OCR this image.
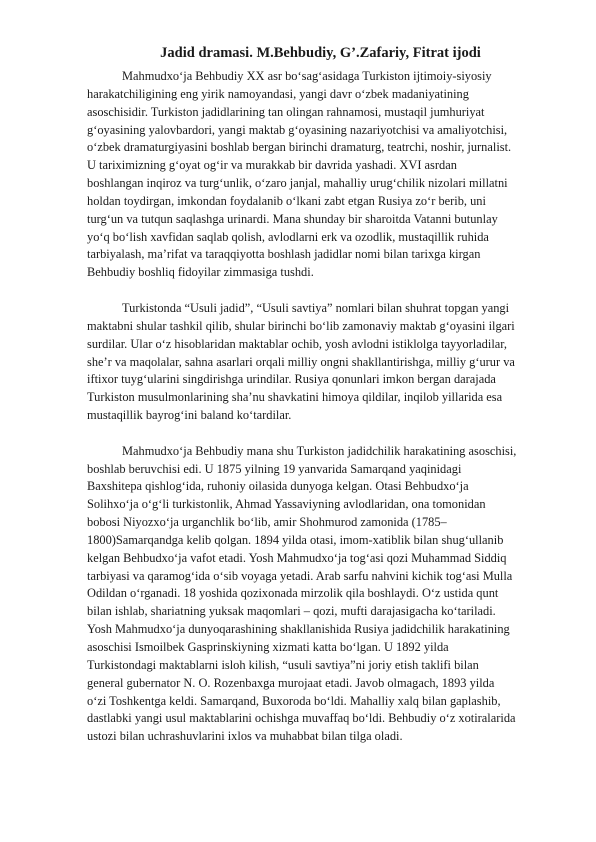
Jadid dramasi. M.Behbudiy, G’.Zafariy, Fitrat ijodi

Mahmudxoʻja Behbudiy XX asr boʻsagʻasidaga Turkiston ijtimoiy-siyosiy
harakatchiligining eng yirik namoyandasi, yangi davr oʻzbek madaniyatining
asoschisidir. Turkiston jadidlarining tan olingan rahnamosi, mustaqil jumhuriyat
gʻoyasining yalovbardori, yangi maktab gʻoyasining nazariyotchisi va amaliyotchisi,
oʻzbek dramaturgiyasini boshlab bergan birinchi dramaturg, teatrchi, noshir, jurnalist.
U tariximizning gʻoyat ogʻir va murakkab bir davrida yashadi. XVI asrdan
boshlangan inqiroz va turgʻunlik, oʻzaro janjal, mahalliy urugʻchilik nizolari millatni
holdan toydirgan, imkondan foydalanib oʻlkani zabt etgan Rusiya zoʻr berib, uni
turgʻun va tutqun saqlashga urinardi. Mana shunday bir sharoitda Vatanni butunlay
yoʻq boʻlish xavfidan saqlab qolish, avlodlarni erk va ozodlik, mustaqillik ruhida
tarbiyalash, maʼrifat va taraqqiyotta boshlash jadidlar nomi bilan tarixga kirgan
Behbudiy boshliq fidoyilar zimmasiga tushdi.

Turkistonda “Usuli jadid”, “Usuli savtiya” nomlari bilan shuhrat topgan yangi
maktabni shular tashkil qilib, shular birinchi boʻlib zamonaviy maktab gʻoyasini ilgari
surdilar. Ular oʻz hisoblaridan maktablar ochib, yosh avlodni istiklolga tayyorladilar,
sheʼr va maqolalar, sahna asarlari orqali milliy ongni shakllantirishga, milliy gʻurur va
iftixor tuygʻularini singdirishga urindilar. Rusiya qonunlari imkon bergan darajada
Turkiston musulmonlarining shaʼnu shavkatini himoya qildilar, inqilob yillarida esa
mustaqillik bayrogʻini baland koʻtardilar.

Mahmudxoʻja Behbudiy mana shu Turkiston jadidchilik harakatining asoschisi,
boshlab beruvchisi edi. U 1875 yilning 19 yanvarida Samarqand yaqinidagi
Baxshitepa qishlogʻida, ruhoniy oilasida dunyoga kelgan. Otasi Behbudxoʻja
Solihxoʻja oʻgʻli turkistonlik, Ahmad Yassaviyning avlodlaridan, ona tomonidan
bobosi Niyozxoʻja urganchlik boʻlib, amir Shohmurod zamonida (1785–
1800)Samarqandga kelib qolgan. 1894 yilda otasi, imom-xatiblik bilan shugʻullanib
kelgan Behbudxoʻja vafot etadi. Yosh Mahmudxoʻja togʻasi qozi Muhammad Siddiq
tarbiyasi va qaramogʻida oʻsib voyaga yetadi. Arab sarfu nahvini kichik togʻasi Mulla
Odildan oʻrganadi. 18 yoshida qozixonada mirzolik qila boshlaydi. Oʻz ustida qunt
bilan ishlab, shariatning yuksak maqomlari – qozi, mufti darajasigacha koʻtariladi.
Yosh Mahmudxoʻja dunyoqarashining shakllanishida Rusiya jadidchilik harakatining
asoschisi Ismoilbek Gasprinskiyning xizmati katta boʻlgan. U 1892 yilda
Turkistondagi maktablarni isloh kilish, “usuli savtiya”ni joriy etish taklifi bilan
general gubernator N. O. Rozenbaxga murojaat etadi. Javob olmagach, 1893 yilda
oʻzi Toshkentga keldi. Samarqand, Buxoroda boʻldi. Mahalliy xalq bilan gaplashib,
dastlabki yangi usul maktablarini ochishga muvaffaq boʻldi. Behbudiy oʻz xotiralarida
ustozi bilan uchrashuvlarini ixlos va muhabbat bilan tilga oladi.
